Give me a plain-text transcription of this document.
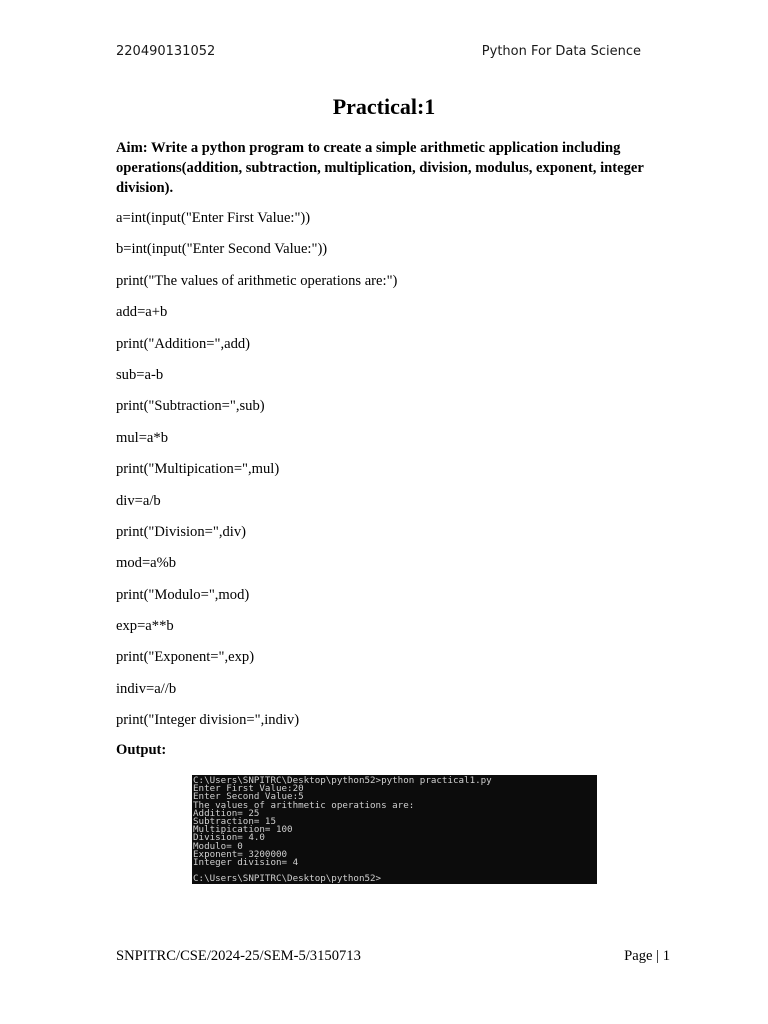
220490131052	Python For Data Science
Practical:1
Aim: Write a python program to create a simple arithmetic application including operations(addition, subtraction, multiplication, division, modulus, exponent, integer division).
a=int(input("Enter First Value:"))
b=int(input("Enter Second Value:"))
print("The values of arithmetic operations are:")
add=a+b
print("Addition=",add)
sub=a-b
print("Subtraction=",sub)
mul=a*b
print("Multipication=",mul)
div=a/b
print("Division=",div)
mod=a%b
print("Modulo=",mod)
exp=a**b
print("Exponent=",exp)
indiv=a//b
print("Integer division=",indiv)
Output:
C:\Users\SNPITRC\Desktop\python52>python practical1.py
Enter First Value:20
Enter Second Value:5
The values of arithmetic operations are:
Addition= 25
Subtraction= 15
Multipication= 100
Division= 4.0
Modulo= 0
Exponent= 3200000
Integer division= 4
C:\Users\SNPITRC\Desktop\python52>
SNPITRC/CSE/2024-25/SEM-5/3150713	Page | 1
